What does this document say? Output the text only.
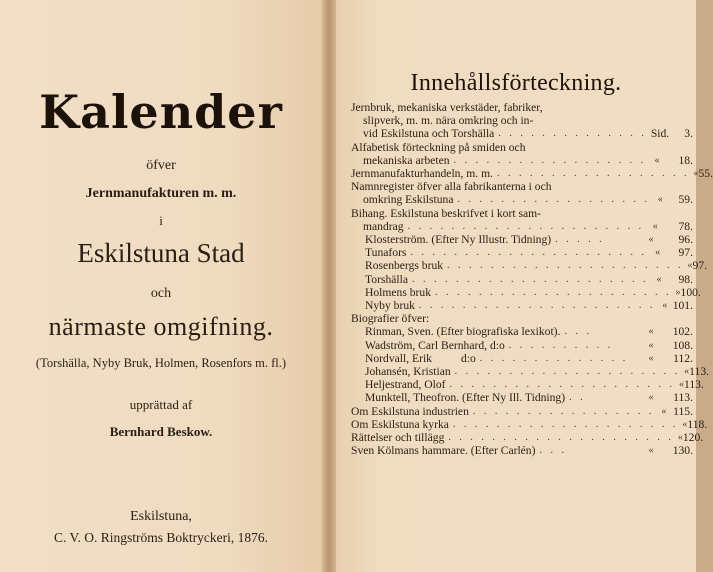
Kalender
öfver
Jernmanufakturen m. m.
i
Eskilstuna Stad
och
närmaste omgifning.
(Torshälla, Nyby Bruk, Holmen, Rosenfors m. fl.)
upprättad af
Bernhard Beskow.
Eskilstuna,
C. V. O. Ringströms Boktryckeri, 1876.
Innehållsförteckning.
Jernbruk, mekaniska verkstäder, fabriker,
slipverk, m. m. nära omkring och in-
vid Eskilstuna och Torshälla . . . . . . . . . . . . . . Sid.	3.
Alfabetisk förteckning på smiden och
mekaniska arbeten . . . . . . . . . . . . . . . . . . «	18.
Jernmanufakturhandeln, m. m. . . . . . . . . . . . . . . . . . . « 55.
Namnregister öfver alla fabrikanterna i och
omkring Eskilstuna . . . . . . . . . . . . . . . . . . «	59.
Bihang. Eskilstuna beskrifvet i kort sam-
mandrag . . . . . . . . . . . . . . . . . . . . . . «	78.
Klosterström. (Efter Ny Illustr. Tidning) . . . . .	«	96.
Tunafors . . . . . . . . . . . . . . . . . . . . . . «	97.
Rosenbergs bruk . . . . . . . . . . . . . . . . . . . . . . « 97.
Torshälla . . . . . . . . . . . . . . . . . . . . . . «	98.
Holmens bruk . . . . . . . . . . . . . . . . . . . . . . » 100.
Nyby bruk . . . . . . . . . . . . . . . . . . . . . . « 101.
Biografier öfver:
Rinman, Sven. (Efter biografiska lexikot). . . .	«	102.
Wadström, Carl Bernhard, d:o . . . . . . . . . .	«	108.
Nordvall, Erik          d:o . . . . . . . . . . . . . .	«	112.
Johansén, Kristian . . . . . . . . . . . . . . . . . . . . . « 113.
Heljestrand, Olof . . . . . . . . . . . . . . . . . . . . . « 113.
Munktell, Theofron. (Efter Ny Ill. Tidning) . .	«	113.
Om Eskilstuna industrien . . . . . . . . . . . . . . . . . « 115.
Om Eskilstuna kyrka . . . . . . . . . . . . . . . . . . . . . « 118.
Rättelser och tillägg . . . . . . . . . . . . . . . . . . . . . « 120.
Sven Kölmans hammare. (Efter Carlén) . . .	«	130.
